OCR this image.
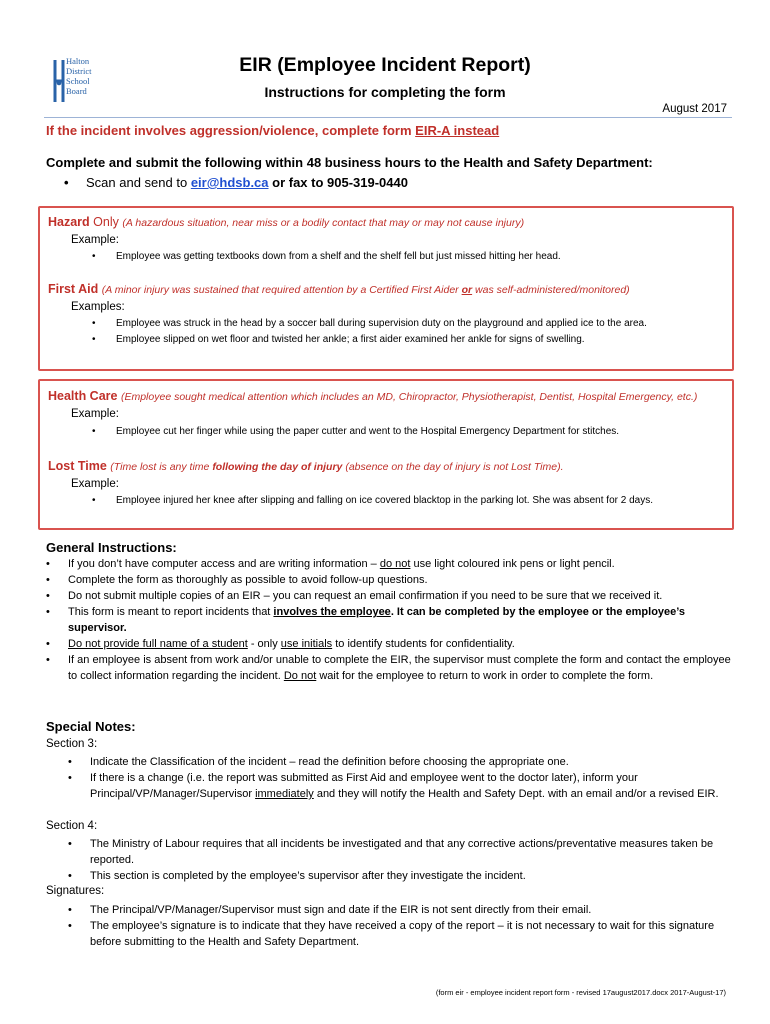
Halton
District
School
Board
EIR (Employee Incident Report)
Instructions for completing the form
August 2017
If the incident involves aggression/violence, complete form EIR-A instead
Complete and submit the following within 48 business hours to the Health and Safety Department:
• Scan and send to eir@hdsb.ca or fax to 905-319-0440
Hazard Only (A hazardous situation, near miss or a bodily contact that may or may not cause injury)
Example:
• Employee was getting textbooks down from a shelf and the shelf fell but just missed hitting her head.
First Aid (A minor injury was sustained that required attention by a Certified First Aider or was self-administered/monitored)
Examples:
• Employee was struck in the head by a soccer ball during supervision duty on the playground and applied ice to the area.
• Employee slipped on wet floor and twisted her ankle; a first aider examined her ankle for signs of swelling.
Health Care (Employee sought medical attention which includes an MD, Chiropractor, Physiotherapist, Dentist, Hospital Emergency, etc.)
Example:
• Employee cut her finger while using the paper cutter and went to the Hospital Emergency Department for stitches.
Lost Time (Time lost is any time following the day of injury (absence on the day of injury is not Lost Time).
Example:
• Employee injured her knee after slipping and falling on ice covered blacktop in the parking lot. She was absent for 2 days.
General Instructions:
• If you don’t have computer access and are writing information – do not use light coloured ink pens or light pencil.
• Complete the form as thoroughly as possible to avoid follow-up questions.
• Do not submit multiple copies of an EIR – you can request an email confirmation if you need to be sure that we received it.
• This form is meant to report incidents that involves the employee. It can be completed by the employee or the employee’s supervisor.
• Do not provide full name of a student - only use initials to identify students for confidentiality.
• If an employee is absent from work and/or unable to complete the EIR, the supervisor must complete the form and contact the employee to collect information regarding the incident. Do not wait for the employee to return to work in order to complete the form.
Special Notes:
Section 3:
• Indicate the Classification of the incident – read the definition before choosing the appropriate one.
• If there is a change (i.e. the report was submitted as First Aid and employee went to the doctor later), inform your Principal/VP/Manager/Supervisor immediately and they will notify the Health and Safety Dept. with an email and/or a revised EIR.
Section 4:
• The Ministry of Labour requires that all incidents be investigated and that any corrective actions/preventative measures taken be reported.
• This section is completed by the employee’s supervisor after they investigate the incident.
Signatures:
• The Principal/VP/Manager/Supervisor must sign and date if the EIR is not sent directly from their email.
• The employee’s signature is to indicate that they have received a copy of the report – it is not necessary to wait for this signature before submitting to the Health and Safety Department.
(form eir - employee incident report form - revised 17august2017.docx 2017-August-17)
